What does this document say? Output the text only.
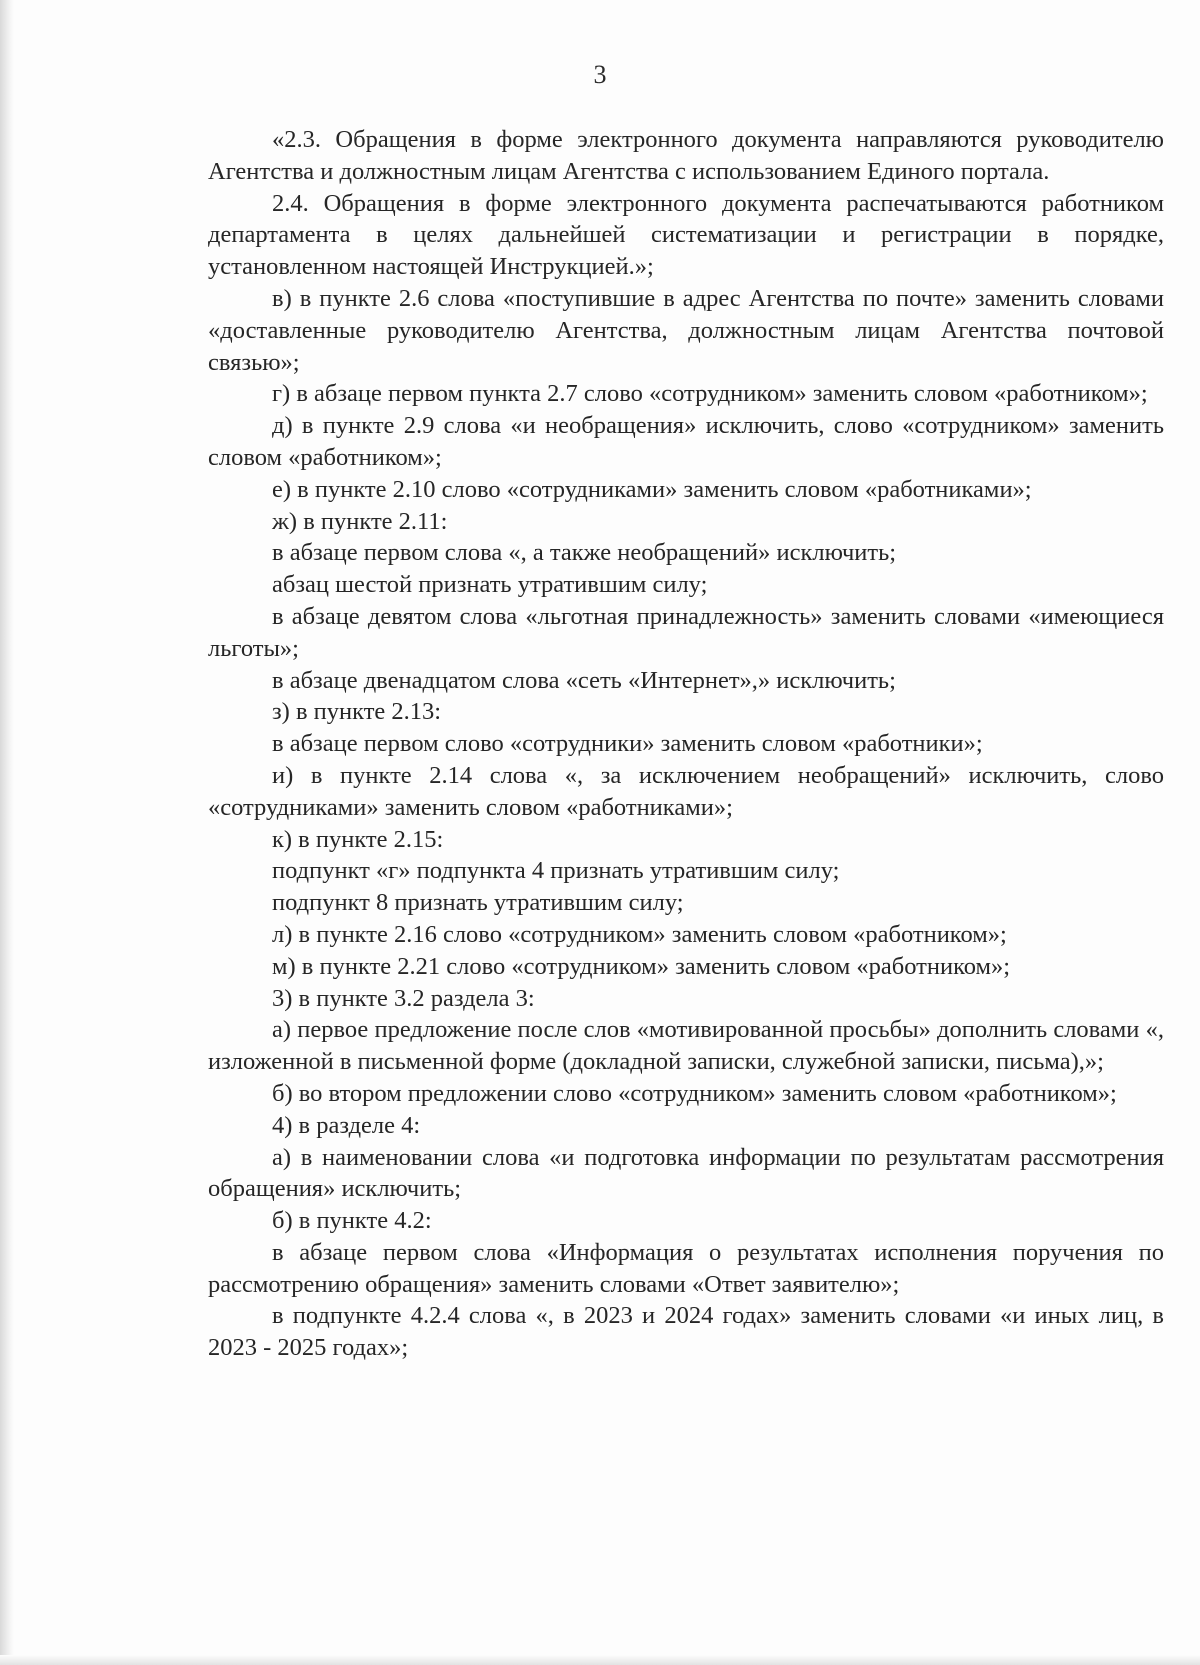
3

«2.3. Обращения в форме электронного документа направляются руководителю Агентства и должностным лицам Агентства с использованием Единого портала.

2.4. Обращения в форме электронного документа распечатываются работником департамента в целях дальнейшей систематизации и регистрации в порядке, установленном настоящей Инструкцией.»;

в) в пункте 2.6 слова «поступившие в адрес Агентства по почте» заменить словами «доставленные руководителю Агентства, должностным лицам Агентства почтовой связью»;

г) в абзаце первом пункта 2.7 слово «сотрудником» заменить словом «работником»;

д) в пункте 2.9 слова «и необращения» исключить, слово «сотрудником» заменить словом «работником»;

е) в пункте 2.10 слово «сотрудниками» заменить словом «работниками»;

ж) в пункте 2.11:

в абзаце первом слова «, а также необращений» исключить;

абзац шестой признать утратившим силу;

в абзаце девятом слова «льготная принадлежность» заменить словами «имеющиеся льготы»;

в абзаце двенадцатом слова «сеть «Интернет»,» исключить;

з) в пункте 2.13:

в абзаце первом слово «сотрудники» заменить словом «работники»;

и) в пункте 2.14 слова «, за исключением необращений» исключить, слово «сотрудниками» заменить словом «работниками»;

к) в пункте 2.15:

подпункт «г» подпункта 4 признать утратившим силу;

подпункт 8 признать утратившим силу;

л) в пункте 2.16 слово «сотрудником» заменить словом «работником»;

м) в пункте 2.21 слово «сотрудником» заменить словом «работником»;

3) в пункте 3.2 раздела 3:

а) первое предложение после слов «мотивированной просьбы» дополнить словами «, изложенной в письменной форме (докладной записки, служебной записки, письма),»;

б) во втором предложении слово «сотрудником» заменить словом «работником»;

4) в разделе 4:

а) в наименовании слова «и подготовка информации по результатам рассмотрения обращения» исключить;

б) в пункте 4.2:

в абзаце первом слова «Информация о результатах исполнения поручения по рассмотрению обращения» заменить словами «Ответ заявителю»;

в подпункте 4.2.4 слова «, в 2023 и 2024 годах» заменить словами «и иных лиц, в 2023 - 2025 годах»;
